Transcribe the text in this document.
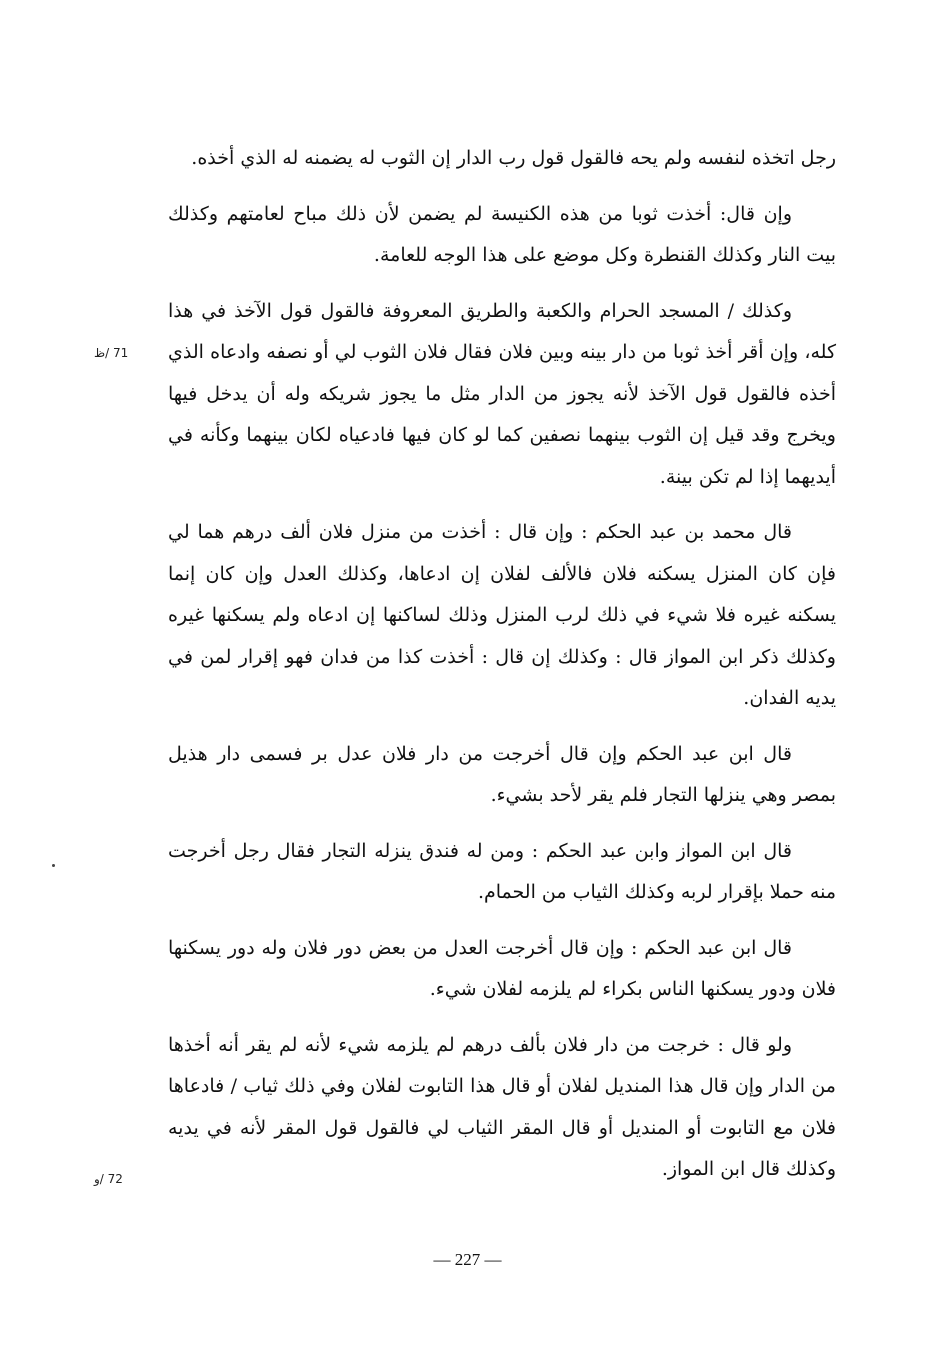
رجل اتخذه لنفسه ولم يحه فالقول قول رب الدار إن الثوب له يضمنه له الذي أخذه.

وإن قال: أخذت ثوبا من هذه الكنيسة لم يضمن لأن ذلك مباح لعامتهم وكذلك بيت النار وكذلك القنطرة وكل موضع على هذا الوجه للعامة.

وكذلك / المسجد الحرام والكعبة والطريق المعروفة فالقول قول الآخذ في هذا كله، وإن أقر أخذ ثوبا من دار بينه وبين فلان فقال فلان الثوب لي أو نصفه وادعاه الذي أخذه فالقول قول الآخذ لأنه يجوز من الدار مثل ما يجوز شريكه وله أن يدخل فيها ويخرج وقد قيل إن الثوب بينهما نصفين كما لو كان فيها فادعياه لكان بينهما وكأنه في أيديهما إذا لم تكن بينة.

قال محمد بن عبد الحكم : وإن قال : أخذت من منزل فلان ألف درهم هما لي فإن كان المنزل يسكنه فلان فالألف لفلان إن ادعاها، وكذلك العدل وإن كان إنما يسكنه غيره فلا شيء في ذلك لرب المنزل وذلك لساكنها إن ادعاه ولم يسكنها غيره وكذلك ذكر ابن المواز قال : وكذلك إن قال : أخذت كذا من فدان فهو إقرار لمن في يديه الفدان.

قال ابن عبد الحكم وإن قال أخرجت من دار فلان عدل بر فسمى دار هذيل بمصر وهي ينزلها التجار فلم يقر لأحد بشيء.

قال ابن المواز وابن عبد الحكم : ومن له فندق ينزله التجار فقال رجل أخرجت منه حملا بإقرار لربه وكذلك الثياب من الحمام.

قال ابن عبد الحكم : وإن قال أخرجت العدل من بعض دور فلان وله دور يسكنها فلان ودور يسكنها الناس بكراء لم يلزمه لفلان شيء.

ولو قال : خرجت من دار فلان بألف درهم لم يلزمه شيء لأنه لم يقر أنه أخذها من الدار وإن قال هذا المنديل لفلان أو قال هذا التابوت لفلان وفي ذلك ثياب / فادعاها فلان مع التابوت أو المنديل أو قال المقر الثياب لي فالقول قول المقر لأنه في يديه وكذلك قال ابن المواز.

71 /ظ
72 /و
— 227 —
